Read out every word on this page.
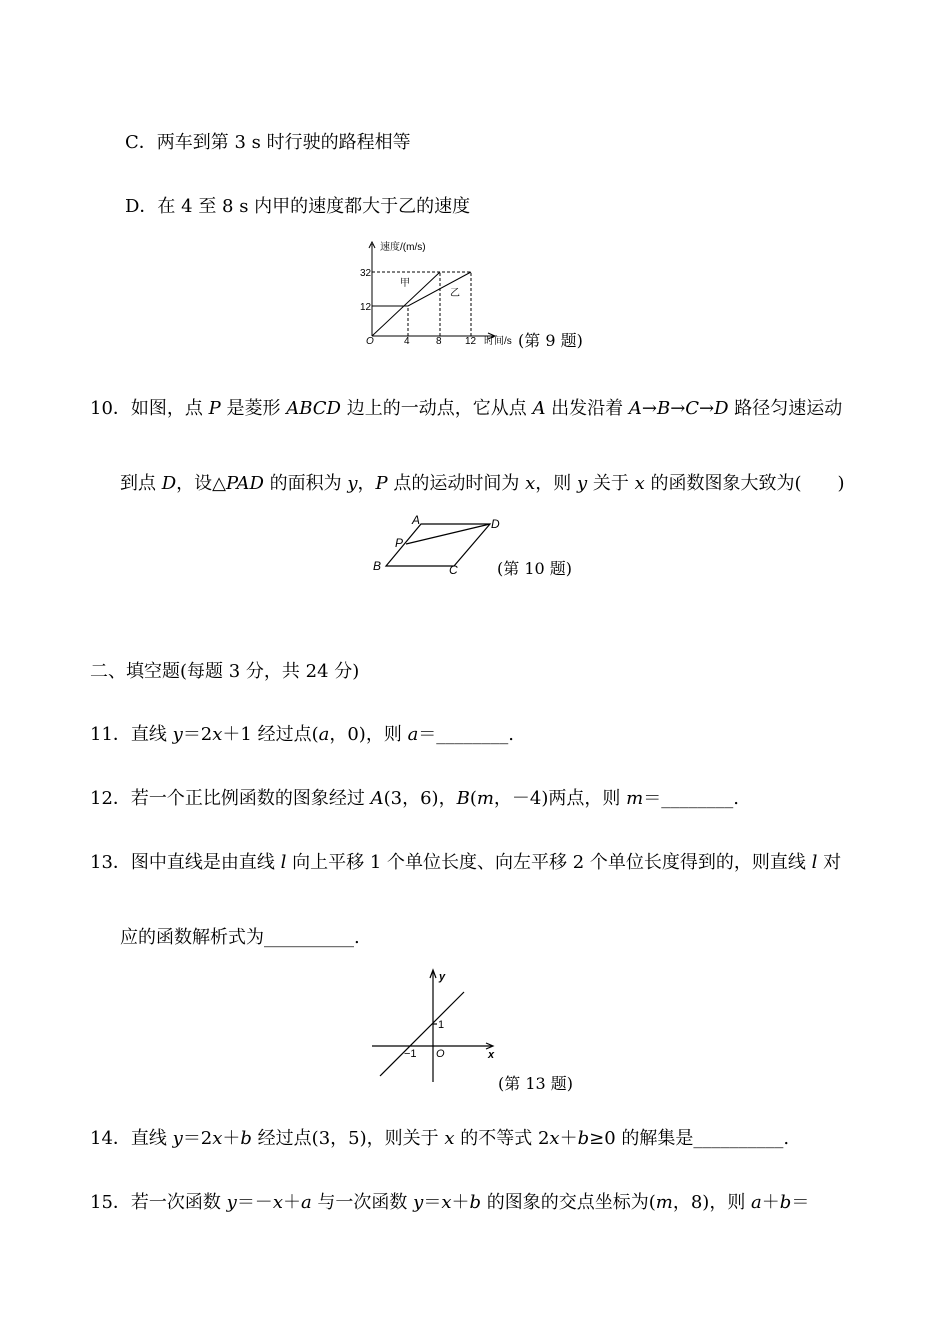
C．两车到第 3 s 时行驶的路程相等
D．在 4 至 8 s 内甲的速度都大于乙的速度
速度/(m/s)
32
12
O	4	8 12 时间/s
甲
乙
(第 9 题)
10．如图，点 P 是菱形 ABCD 边上的一动点，它从点 A 出发沿着 A→B→C→D 路径匀速运动
到点 D，设△PAD 的面积为 y，P 点的运动时间为 x，则 y 关于 x 的函数图象大致为(　　)
A	D
P
B	C (第 10 题)
二、填空题(每题 3 分，共 24 分)
11．直线 y＝2x＋1 经过点(a，0)，则 a＝________.
12．若一个正比例函数的图象经过 A(3，6)，B(m，－4)两点，则 m＝________.
13．图中直线是由直线 l 向上平移 1 个单位长度、向左平移 2 个单位长度得到的，则直线 l 对
应的函数解析式为__________.
y
x
O
1
−1
(第 13 题)
14．直线 y＝2x＋b 经过点(3，5)，则关于 x 的不等式 2x＋b≥0 的解集是__________.
15．若一次函数 y＝－x＋a 与一次函数 y＝x＋b 的图象的交点坐标为(m，8)，则 a＋b＝
